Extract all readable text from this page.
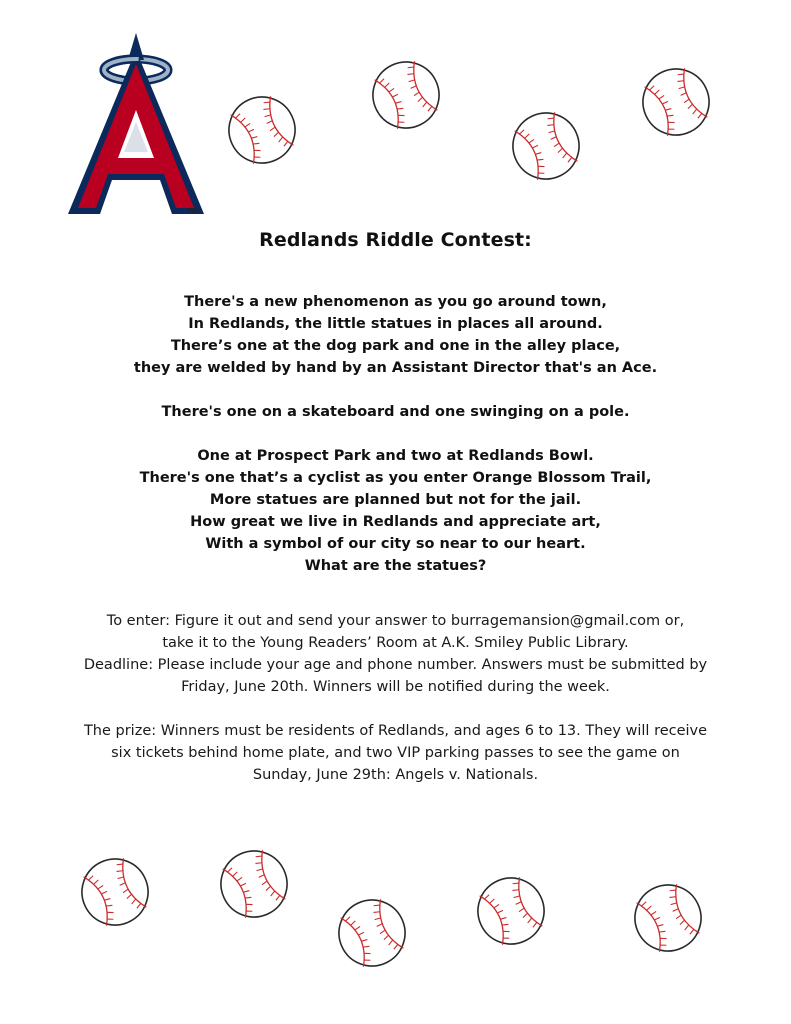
TM
Redlands Riddle Contest:

There's a new phenomenon as you go around town,

In Redlands, the little statues in places all around.

There’s one at the dog park and one in the alley place,

they are welded by hand by an Assistant Director that's an Ace.

There's one on a skateboard and one swinging on a pole.

One at Prospect Park and two at Redlands Bowl.

There's one that’s a cyclist as you enter Orange Blossom Trail,

More statues are planned but not for the jail.

How great we live in Redlands and appreciate art,

With a symbol of our city so near to our heart.

What are the statues?

To enter: Figure it out and send your answer to burragemansion@gmail.com or,

take it to the Young Readers’ Room at A.K. Smiley Public Library.

Deadline: Please include your age and phone number. Answers must be submitted by

Friday, June 20th. Winners will be notified during the week.

The prize: Winners must be residents of Redlands, and ages 6 to 13. They will receive

six tickets behind home plate, and two VIP parking passes to see the game on

Sunday, June 29th: Angels v. Nationals.
